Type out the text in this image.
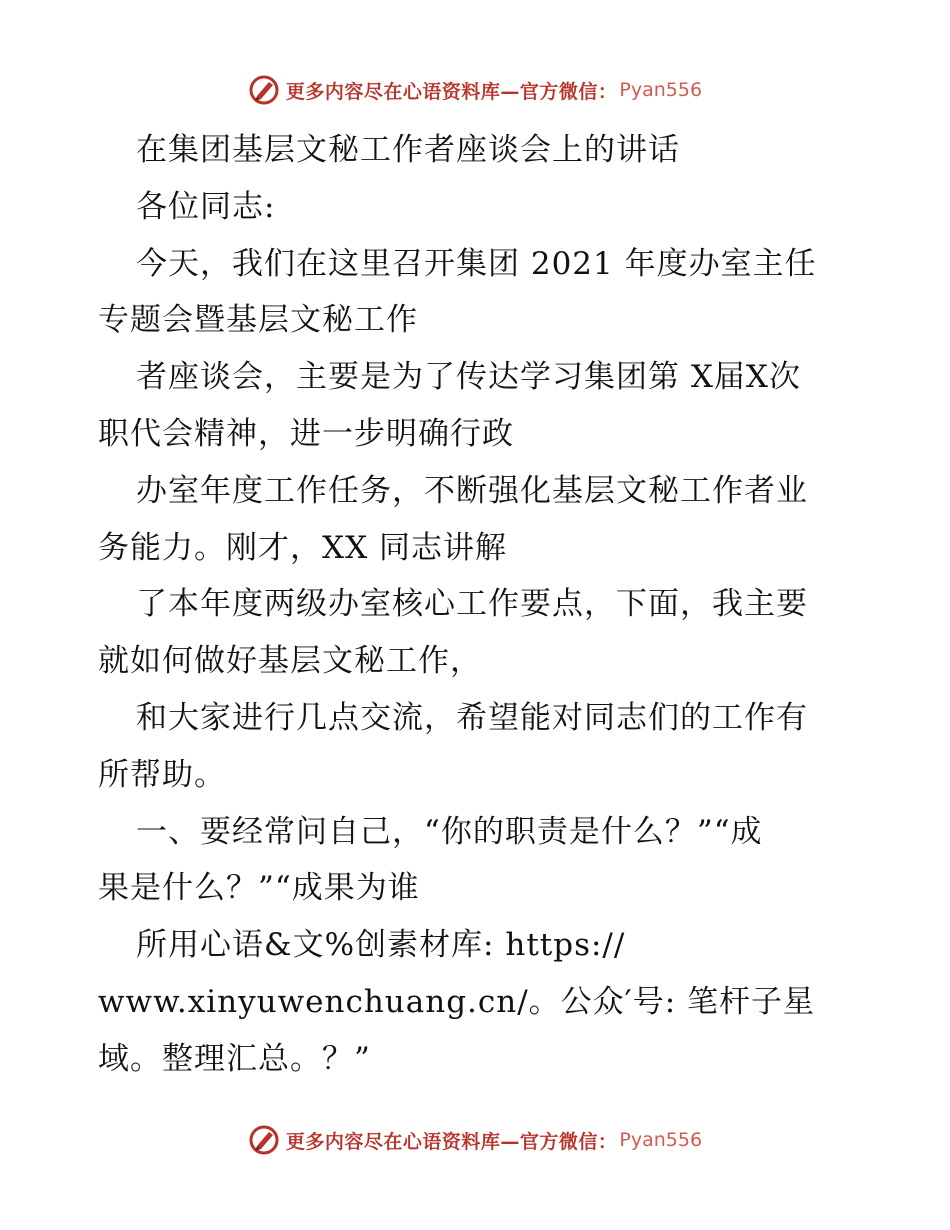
更多内容尽在心语资料库—官方微信： Pyan556
在集团基层文秘工作者座谈会上的讲话
各位同志:
今天，我们在这里召开集团 2021 年度办室主任
专题会暨基层文秘工作
者座谈会，主要是为了传达学习集团第 X届X次
职代会精神，进一步明确行政
办室年度工作任务，不断强化基层文秘工作者业
务能力。刚才，XX 同志讲解
了本年度两级办室核心工作要点，下面，我主要
就如何做好基层文秘工作，
和大家进行几点交流，希望能对同志们的工作有
所帮助。
一、要经常问自己，“你的职责是什么？”“成
果是什么？”“成果为谁
所用心语&文%创素材库: https://
www.xinyuwenchuang.cn/。公众′号: 笔杆子星
域。整理汇总。？”
更多内容尽在心语资料库—官方微信： Pyan556
